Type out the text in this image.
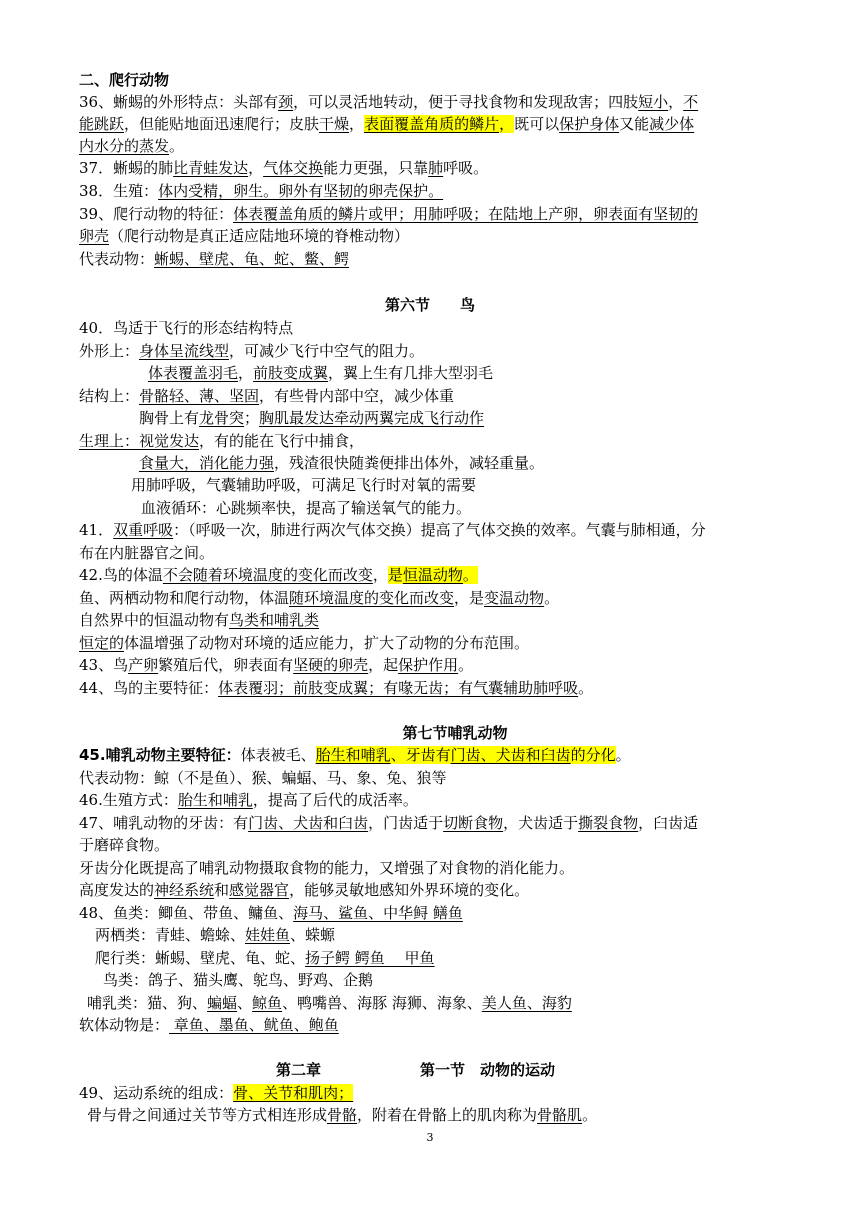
二、爬行动物
36、蜥蜴的外形特点：头部有颈，可以灵活地转动，便于寻找食物和发现敌害；四肢短小，不
能跳跃，但能贴地面迅速爬行；皮肤干燥，表面覆盖角质的鳞片，既可以保护身体又能减少体
内水分的蒸发。
37．蜥蜴的肺比青蛙发达，气体交换能力更强，只靠肺呼吸。
38．生殖：体内受精，卵生。卵外有坚韧的卵壳保护。
39、爬行动物的特征：体表覆盖角质的鳞片或甲；用肺呼吸；在陆地上产卵，卵表面有坚韧的
卵壳（爬行动物是真正适应陆地环境的脊椎动物）
代表动物：蜥蜴、壁虎、龟、蛇、鳖、鳄
第六节　　鸟
40．鸟适于飞行的形态结构特点
外形上：身体呈流线型，可减少飞行中空气的阻力。
体表覆盖羽毛，前肢变成翼，翼上生有几排大型羽毛
结构上：骨骼轻、薄、坚固，有些骨内部中空，减少体重
胸骨上有龙骨突；胸肌最发达牵动两翼完成飞行动作
生理上：视觉发达，有的能在飞行中捕食，
食量大，消化能力强，残渣很快随粪便排出体外，减轻重量。
用肺呼吸，气囊辅助呼吸，可满足飞行时对氧的需要
血液循环：心跳频率快，提高了输送氧气的能力。
41．双重呼吸：（呼吸一次，肺进行两次气体交换）提高了气体交换的效率。气囊与肺相通，分
布在内脏器官之间。
42.鸟的体温不会随着环境温度的变化而改变，是恒温动物。
鱼、两栖动物和爬行动物，体温随环境温度的变化而改变，是变温动物。
自然界中的恒温动物有鸟类和哺乳类
恒定的体温增强了动物对环境的适应能力，扩大了动物的分布范围。
43、鸟产卵繁殖后代，卵表面有坚硬的卵壳，起保护作用。
44、鸟的主要特征：体表覆羽；前肢变成翼；有喙无齿；有气囊辅助肺呼吸。
第七节哺乳动物
45.哺乳动物主要特征：体表被毛、胎生和哺乳、牙齿有门齿、犬齿和臼齿的分化。
代表动物：鲸（不是鱼）、猴、蝙蝠、马、象、兔、狼等
46.生殖方式：胎生和哺乳，提高了后代的成活率。
47、哺乳动物的牙齿：有门齿、犬齿和臼齿，门齿适于切断食物，犬齿适于撕裂食物，臼齿适
于磨碎食物。
牙齿分化既提高了哺乳动物摄取食物的能力，又增强了对食物的消化能力。
高度发达的神经系统和感觉器官，能够灵敏地感知外界环境的变化。
48、鱼类：鲫鱼、带鱼、鳙鱼、海马、鲨鱼、中华鲟 鳝鱼
两栖类：青蛙、蟾蜍、娃娃鱼、蝾螈
爬行类：蜥蜴、壁虎、龟、蛇、扬子鳄 鳄鱼　 甲鱼
鸟类：鸽子、猫头鹰、鸵鸟、野鸡、企鹅
哺乳类：猫、狗、蝙蝠、鲸鱼、鸭嘴兽、海豚 海狮、海象、美人鱼、海豹
软体动物是： 章鱼、墨鱼、鱿鱼、鲍鱼
第二章	第一节　动物的运动
49、运动系统的组成：骨、关节和肌肉；
骨与骨之间通过关节等方式相连形成骨骼，附着在骨骼上的肌肉称为骨骼肌。
3
